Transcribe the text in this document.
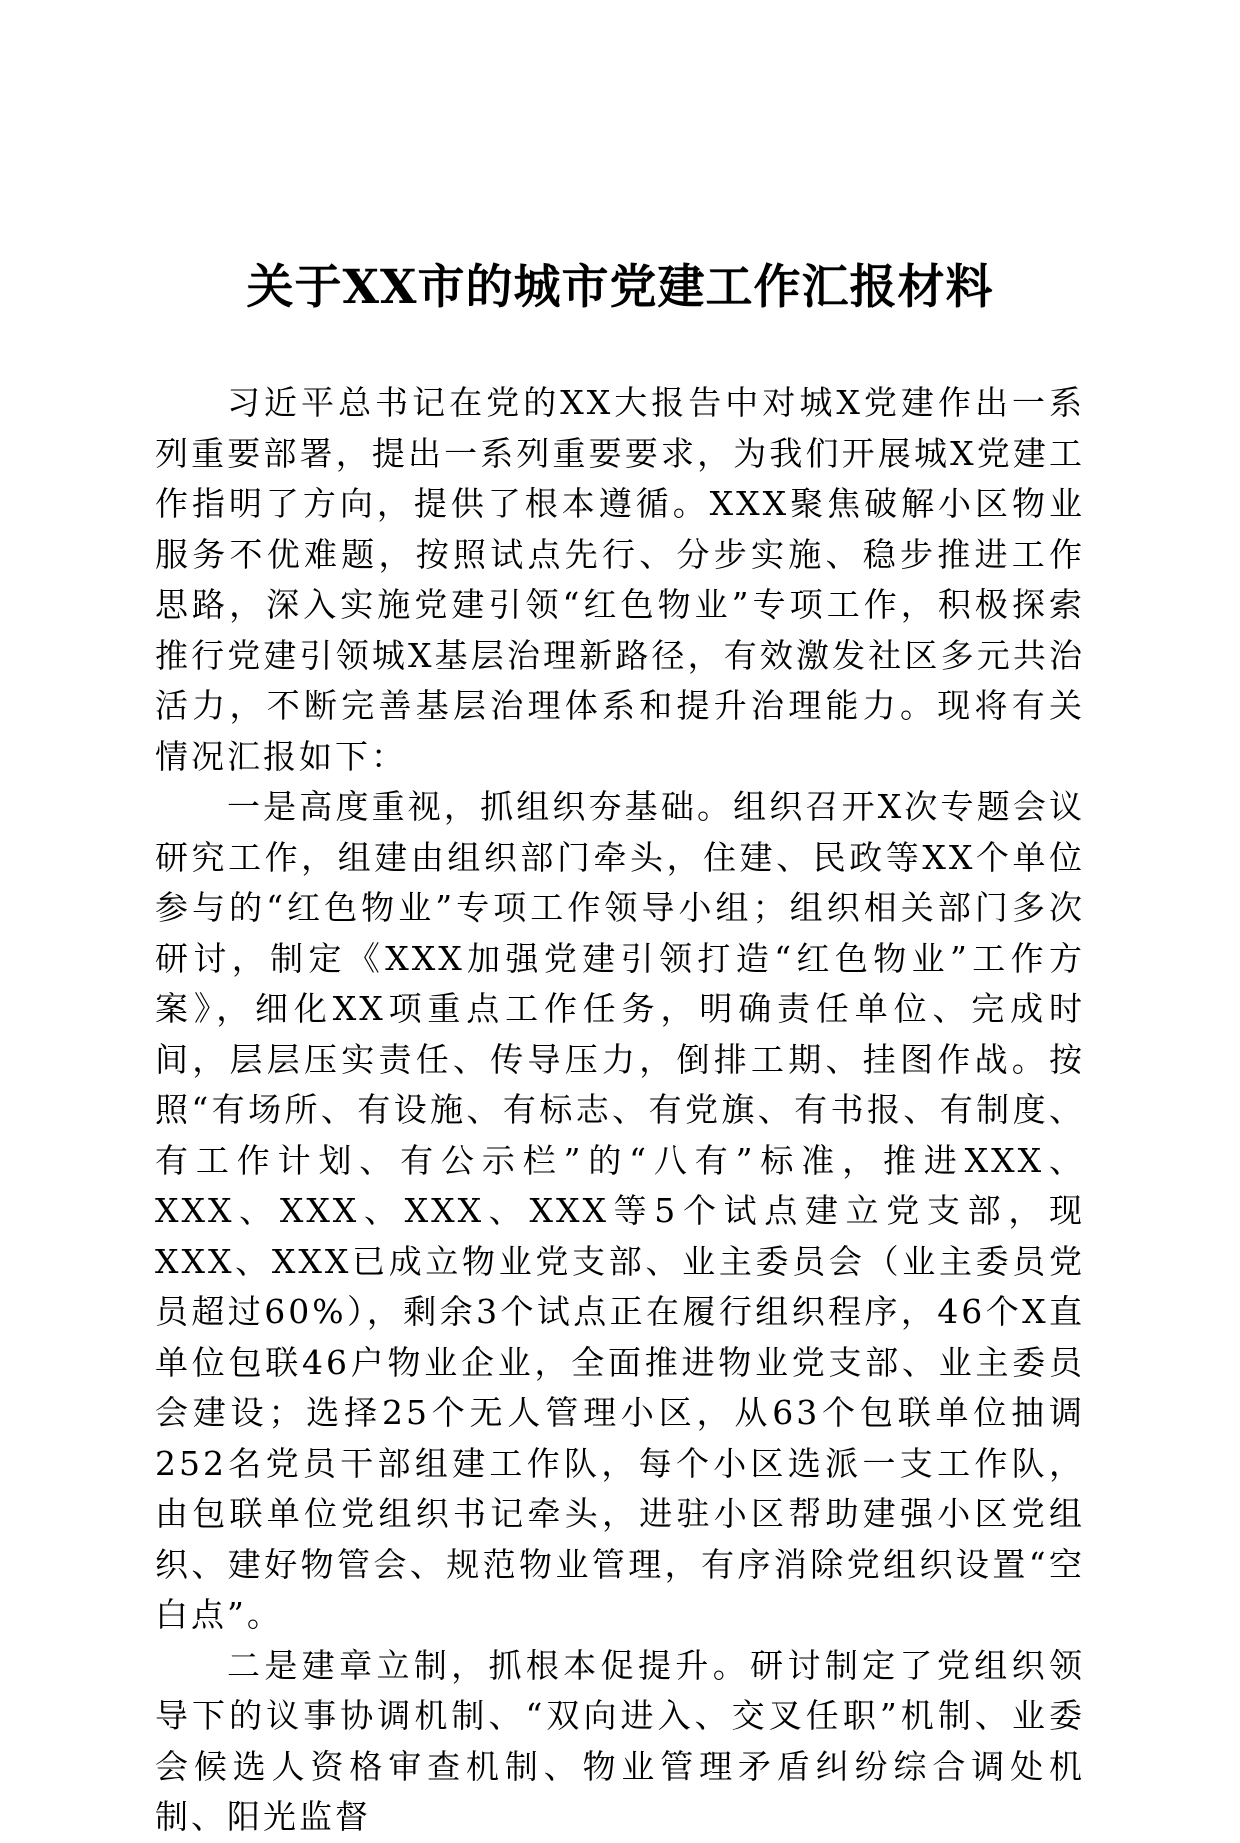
关于XX市的城市党建工作汇报材料

习近平总书记在党的XX大报告中对城X党建作出一系列重要部署，提出一系列重要要求，为我们开展城X党建工作指明了方向，提供了根本遵循。XXX聚焦破解小区物业服务不优难题，按照试点先行、分步实施、稳步推进工作思路，深入实施党建引领“红色物业”专项工作，积极探索推行党建引领城X基层治理新路径，有效激发社区多元共治活力，不断完善基层治理体系和提升治理能力。现将有关情况汇报如下：

一是高度重视，抓组织夯基础。组织召开X次专题会议研究工作，组建由组织部门牵头，住建、民政等XX个单位参与的“红色物业”专项工作领导小组；组织相关部门多次研讨，制定《XXX加强党建引领打造“红色物业”工作方案》，细化XX项重点工作任务，明确责任单位、完成时间，层层压实责任、传导压力，倒排工期、挂图作战。按照“有场所、有设施、有标志、有党旗、有书报、有制度、有工作计划、有公示栏”的“八有”标准，推进XXX、XXX、XXX、XXX、XXX等5个试点建立党支部，现XXX、XXX已成立物业党支部、业主委员会（业主委员党员超过60%），剩余3个试点正在履行组织程序，46个X直单位包联46户物业企业，全面推进物业党支部、业主委员会建设；选择25个无人管理小区，从63个包联单位抽调252名党员干部组建工作队，每个小区选派一支工作队，由包联单位党组织书记牵头，进驻小区帮助建强小区党组织、建好物管会、规范物业管理，有序消除党组织设置“空白点”。

二是建章立制，抓根本促提升。研讨制定了党组织领导下的议事协调机制、“双向进入、交叉任职”机制、业委会候选人资格审查机制、物业管理矛盾纠纷综合调处机制、阳光监督
